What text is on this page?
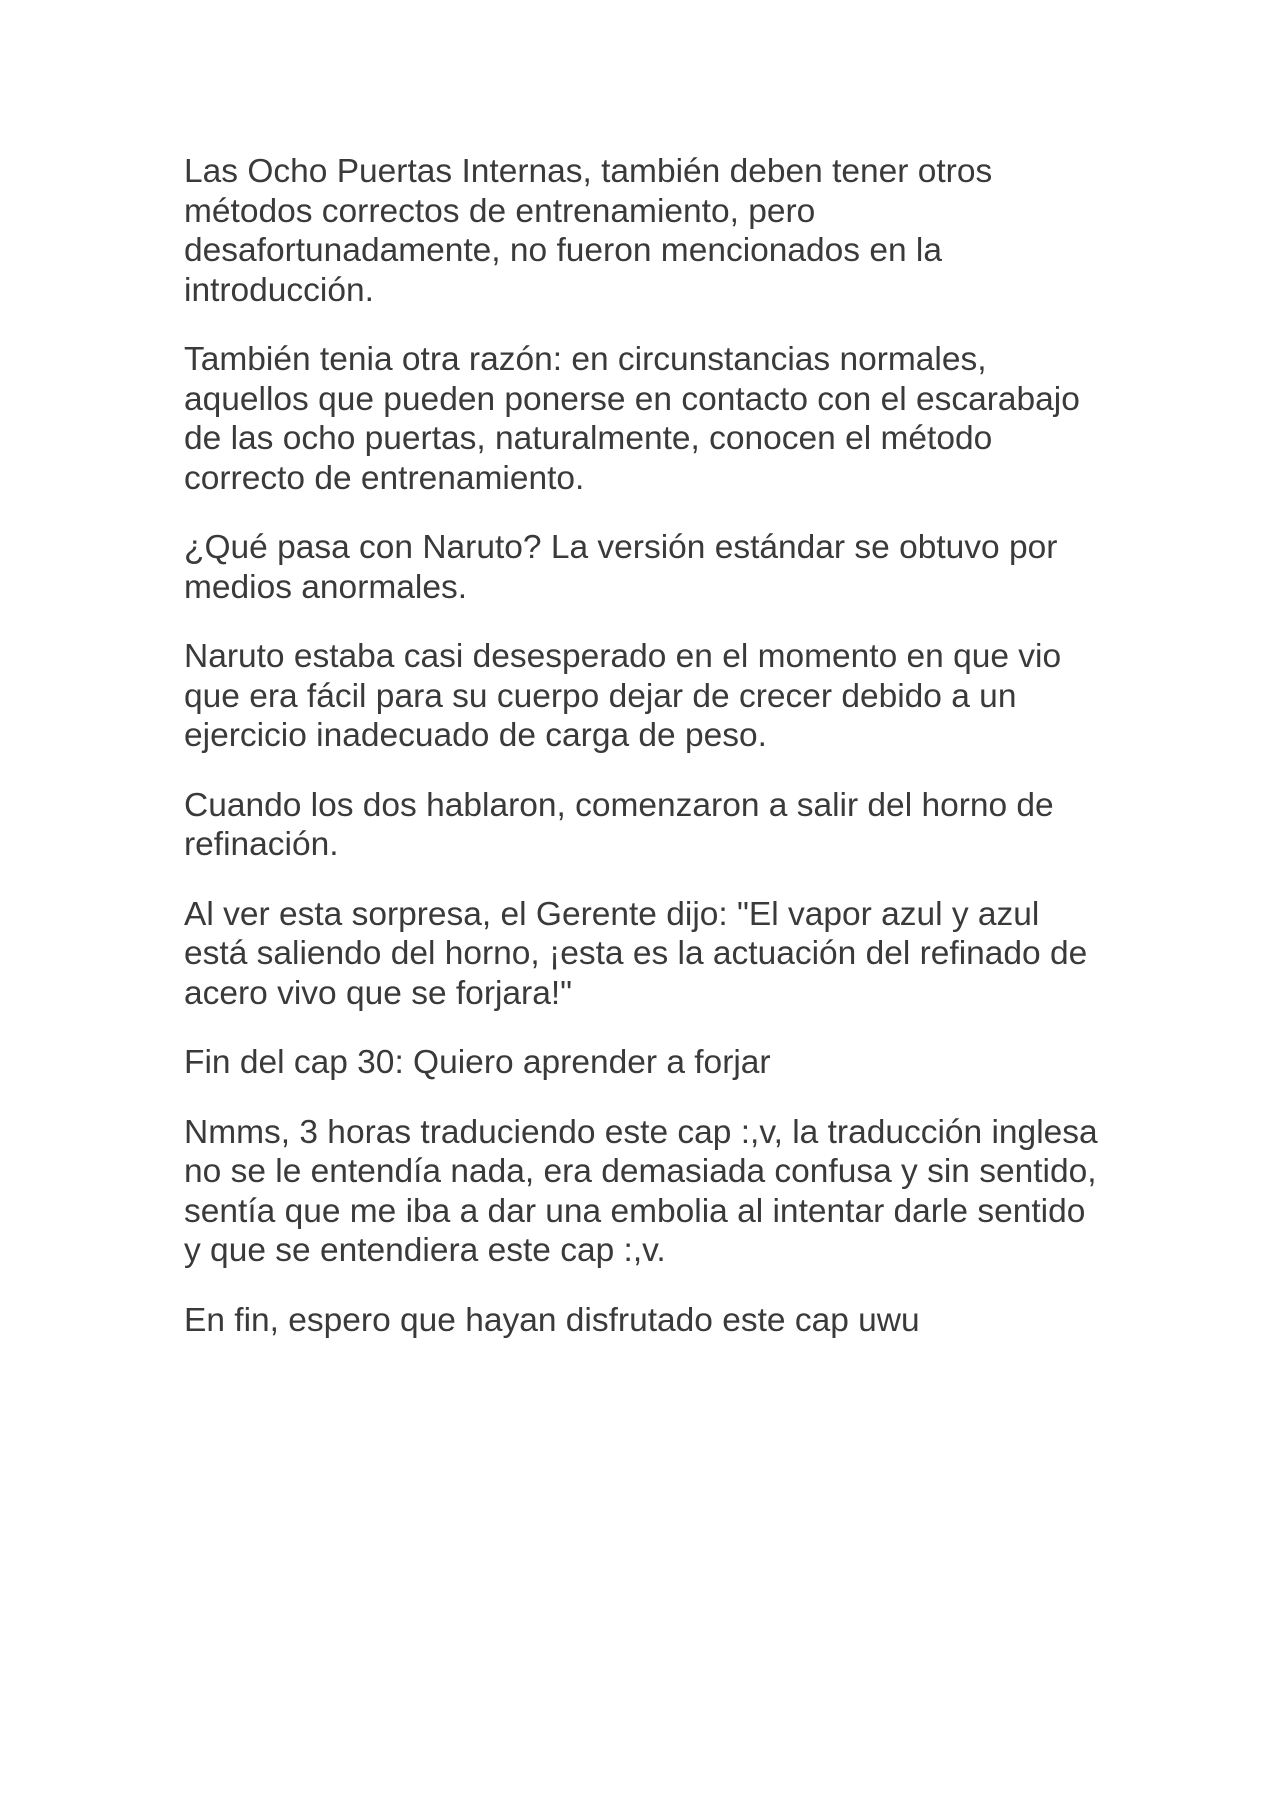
Las Ocho Puertas Internas, también deben tener otros métodos correctos de entrenamiento, pero desafortunadamente, no fueron mencionados en la introducción.

También tenia otra razón: en circunstancias normales, aquellos que pueden ponerse en contacto con el escarabajo de las ocho puertas, naturalmente, conocen el método correcto de entrenamiento.

¿Qué pasa con Naruto? La versión estándar se obtuvo por medios anormales.

Naruto estaba casi desesperado en el momento en que vio que era fácil para su cuerpo dejar de crecer debido a un ejercicio inadecuado de carga de peso.

Cuando los dos hablaron, comenzaron a salir del horno de refinación.

Al ver esta sorpresa, el Gerente dijo: "El vapor azul y azul está saliendo del horno, ¡esta es la actuación del refinado de acero vivo que se forjara!"

Fin del cap 30: Quiero aprender a forjar

Nmms, 3 horas traduciendo este cap :,v, la traducción inglesa no se le entendía nada, era demasiada confusa y sin sentido, sentía que me iba a dar una embolia al intentar darle sentido y que se entendiera este cap :,v.

En fin, espero que hayan disfrutado este cap uwu
